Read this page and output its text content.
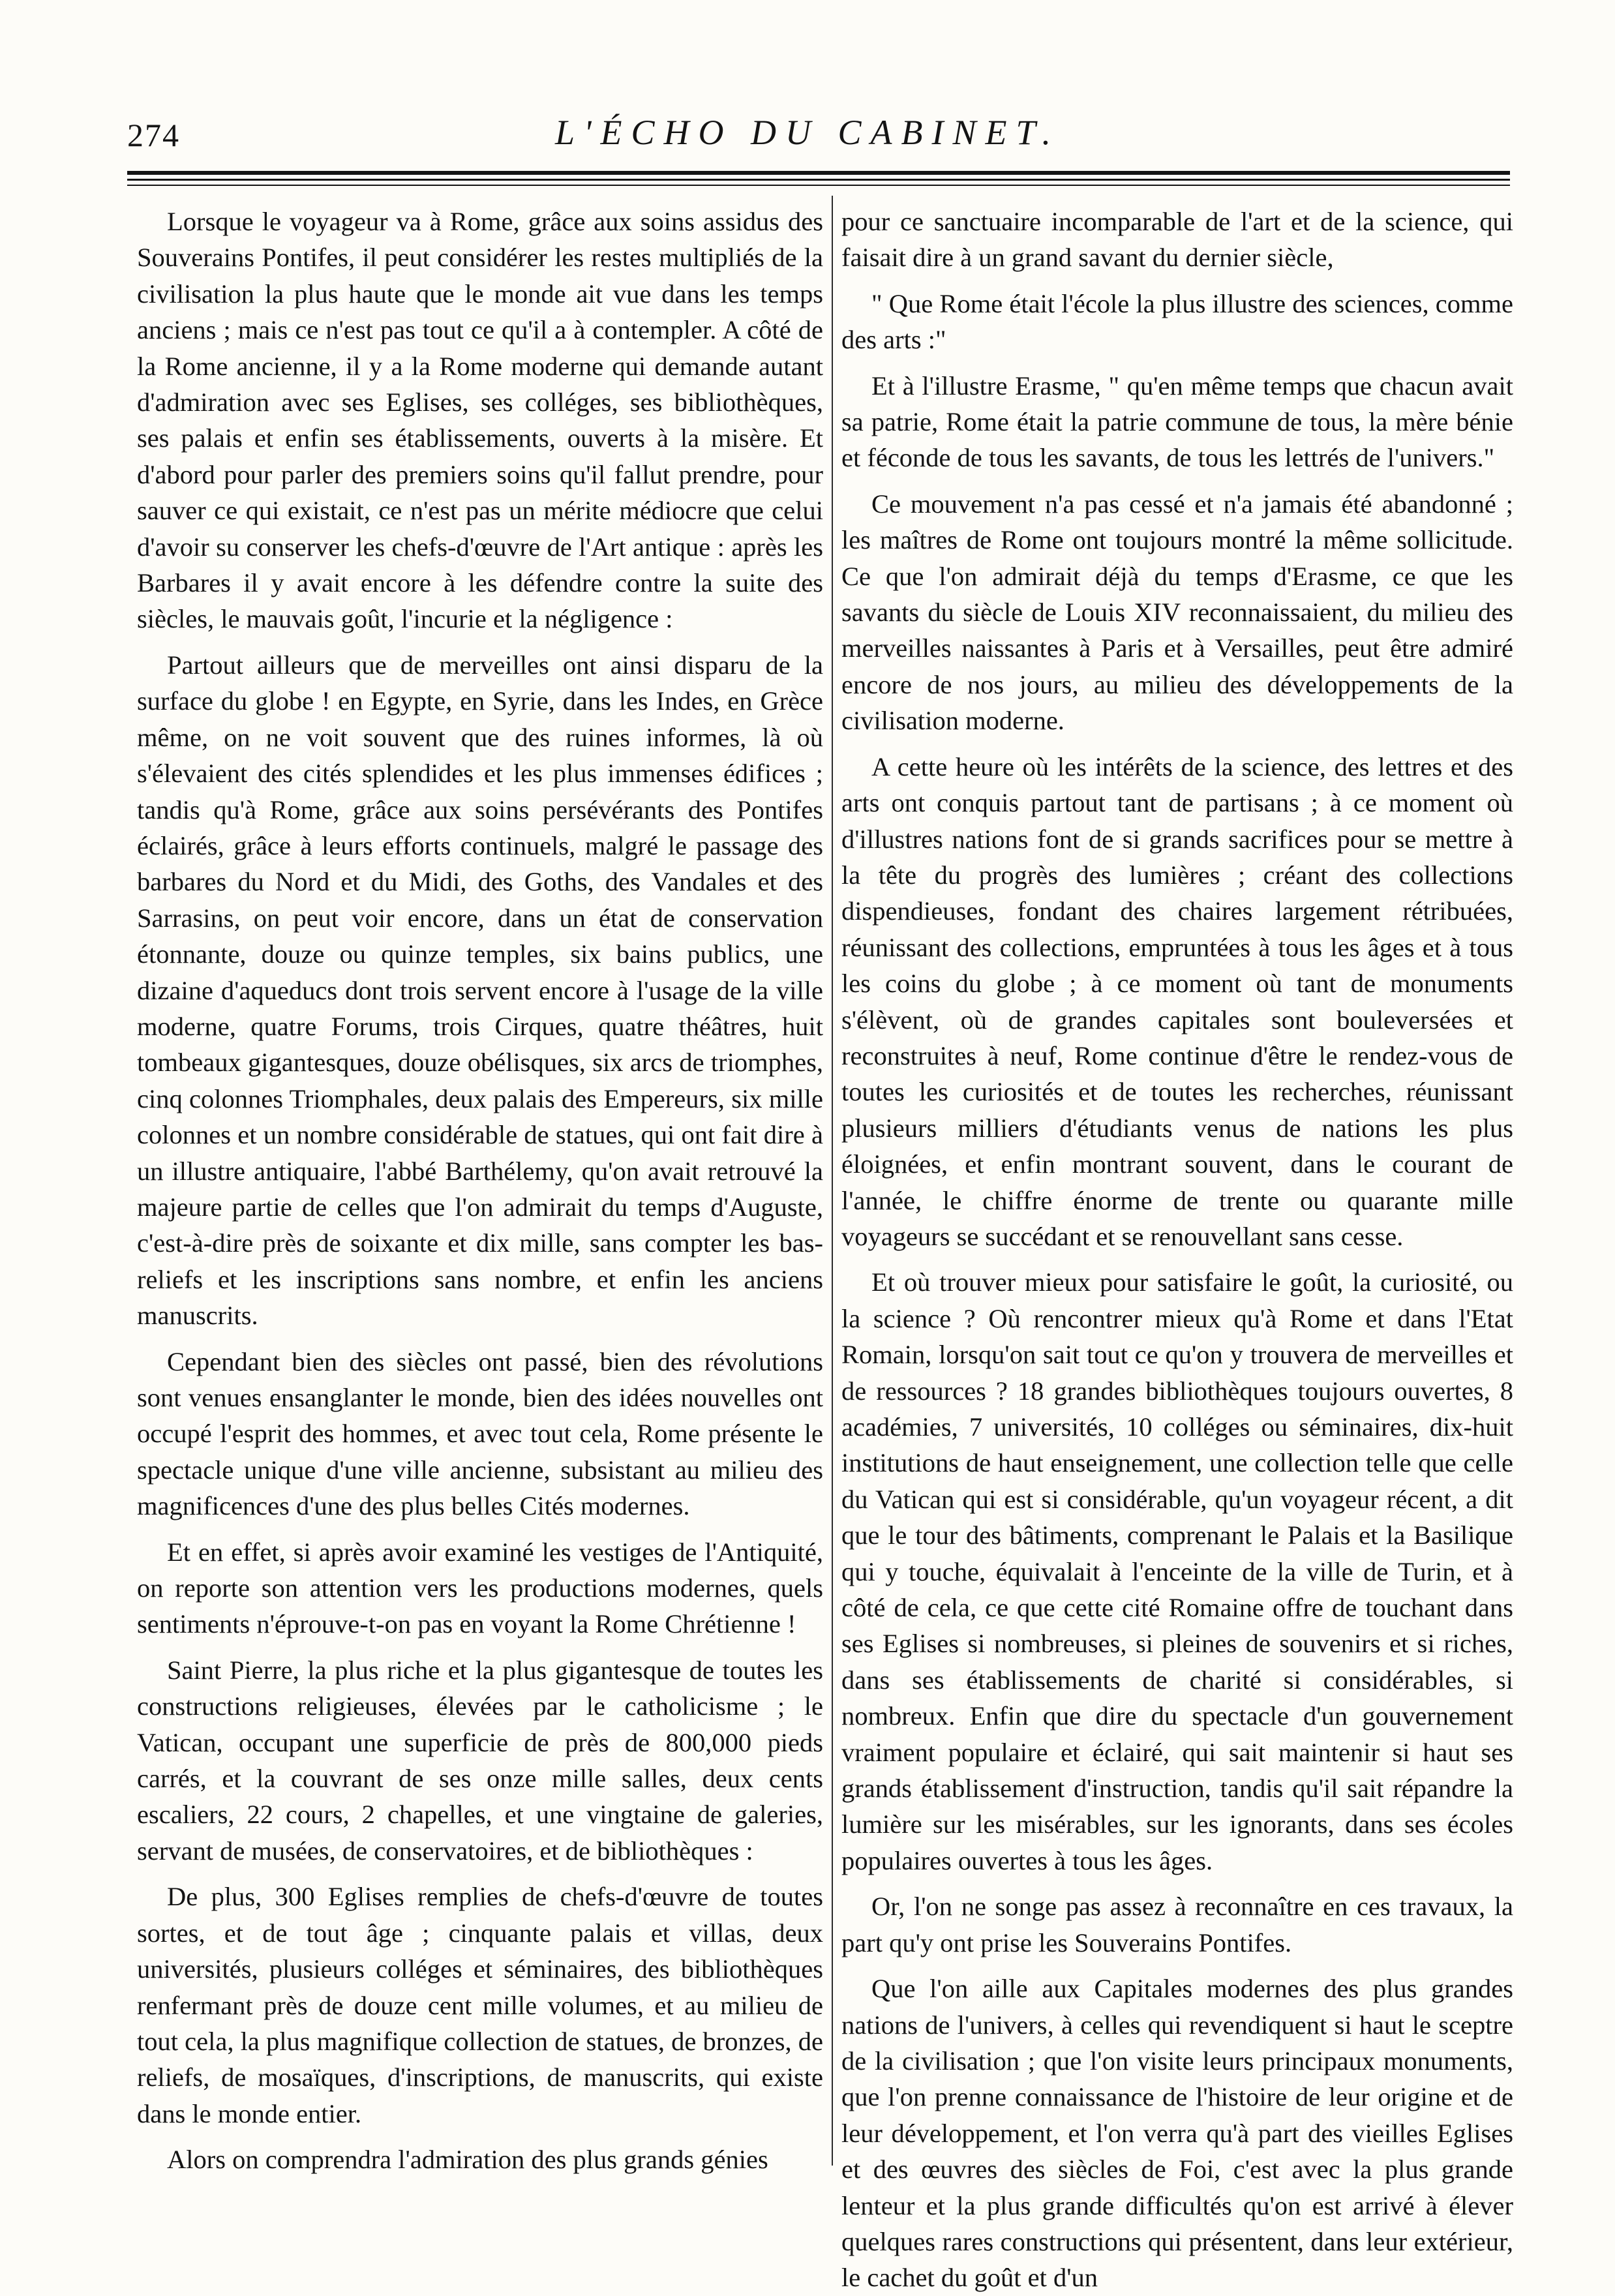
274	L'ÉCHO DU CABINET.

Lorsque le voyageur va à Rome, grâce aux soins assidus des Souverains Pontifes, il peut considérer les restes multipliés de la civilisation la plus haute que le monde ait vue dans les temps anciens ; mais ce n'est pas tout ce qu'il a à contempler. A côté de la Rome ancienne, il y a la Rome moderne qui demande autant d'admiration avec ses Eglises, ses colléges, ses bibliothèques, ses palais et enfin ses établissements, ouverts à la misère. Et d'abord pour parler des premiers soins qu'il fallut prendre, pour sauver ce qui existait, ce n'est pas un mérite médiocre que celui d'avoir su conserver les chefs-d'œuvre de l'Art antique : après les Barbares il y avait encore à les défendre contre la suite des siècles, le mauvais goût, l'incurie et la négligence :

Partout ailleurs que de merveilles ont ainsi disparu de la surface du globe ! en Egypte, en Syrie, dans les Indes, en Grèce même, on ne voit souvent que des ruines informes, là où s'élevaient des cités splendides et les plus immenses édifices ; tandis qu'à Rome, grâce aux soins persévérants des Pontifes éclairés, grâce à leurs efforts continuels, malgré le passage des barbares du Nord et du Midi, des Goths, des Vandales et des Sarrasins, on peut voir encore, dans un état de conservation étonnante, douze ou quinze temples, six bains publics, une dizaine d'aqueducs dont trois servent encore à l'usage de la ville moderne, quatre Forums, trois Cirques, quatre théâtres, huit tombeaux gigantesques, douze obélisques, six arcs de triomphes, cinq colonnes Triomphales, deux palais des Empereurs, six mille colonnes et un nombre considérable de statues, qui ont fait dire à un illustre antiquaire, l'abbé Barthélemy, qu'on avait retrouvé la majeure partie de celles que l'on admirait du temps d'Auguste, c'est-à-dire près de soixante et dix mille, sans compter les bas-reliefs et les inscriptions sans nombre, et enfin les anciens manuscrits.

Cependant bien des siècles ont passé, bien des révolutions sont venues ensanglanter le monde, bien des idées nouvelles ont occupé l'esprit des hommes, et avec tout cela, Rome présente le spectacle unique d'une ville ancienne, subsistant au milieu des magnificences d'une des plus belles Cités modernes.

Et en effet, si après avoir examiné les vestiges de l'Antiquité, on reporte son attention vers les productions modernes, quels sentiments n'éprouve-t-on pas en voyant la Rome Chrétienne !

Saint Pierre, la plus riche et la plus gigantesque de toutes les constructions religieuses, élevées par le catholicisme ; le Vatican, occupant une superficie de près de 800,000 pieds carrés, et la couvrant de ses onze mille salles, deux cents escaliers, 22 cours, 2 chapelles, et une vingtaine de galeries, servant de musées, de conservatoires, et de bibliothèques :

De plus, 300 Eglises remplies de chefs-d'œuvre de toutes sortes, et de tout âge ; cinquante palais et villas, deux universités, plusieurs colléges et séminaires, des bibliothèques renfermant près de douze cent mille volumes, et au milieu de tout cela, la plus magnifique collection de statues, de bronzes, de reliefs, de mosaïques, d'inscriptions, de manuscrits, qui existe dans le monde entier.

Alors on comprendra l'admiration des plus grands génies

pour ce sanctuaire incomparable de l'art et de la science, qui faisait dire à un grand savant du dernier siècle,

" Que Rome était l'école la plus illustre des sciences, comme des arts :"

Et à l'illustre Erasme, " qu'en même temps que chacun avait sa patrie, Rome était la patrie commune de tous, la mère bénie et féconde de tous les savants, de tous les lettrés de l'univers."

Ce mouvement n'a pas cessé et n'a jamais été abandonné ; les maîtres de Rome ont toujours montré la même sollicitude. Ce que l'on admirait déjà du temps d'Erasme, ce que les savants du siècle de Louis XIV reconnaissaient, du milieu des merveilles naissantes à Paris et à Versailles, peut être admiré encore de nos jours, au milieu des développements de la civilisation moderne.

A cette heure où les intérêts de la science, des lettres et des arts ont conquis partout tant de partisans ; à ce moment où d'illustres nations font de si grands sacrifices pour se mettre à la tête du progrès des lumières ; créant des collections dispendieuses, fondant des chaires largement rétribuées, réunissant des collections, empruntées à tous les âges et à tous les coins du globe ; à ce moment où tant de monuments s'élèvent, où de grandes capitales sont bouleversées et reconstruites à neuf, Rome continue d'être le rendez-vous de toutes les curiosités et de toutes les recherches, réunissant plusieurs milliers d'étudiants venus de nations les plus éloignées, et enfin montrant souvent, dans le courant de l'année, le chiffre énorme de trente ou quarante mille voyageurs se succédant et se renouvellant sans cesse.

Et où trouver mieux pour satisfaire le goût, la curiosité, ou la science ? Où rencontrer mieux qu'à Rome et dans l'Etat Romain, lorsqu'on sait tout ce qu'on y trouvera de merveilles et de ressources ? 18 grandes bibliothèques toujours ouvertes, 8 académies, 7 universités, 10 colléges ou séminaires, dix-huit institutions de haut enseignement, une collection telle que celle du Vatican qui est si considérable, qu'un voyageur récent, a dit que le tour des bâtiments, comprenant le Palais et la Basilique qui y touche, équivalait à l'enceinte de la ville de Turin, et à côté de cela, ce que cette cité Romaine offre de touchant dans ses Eglises si nombreuses, si pleines de souvenirs et si riches, dans ses établissements de charité si considérables, si nombreux. Enfin que dire du spectacle d'un gouvernement vraiment populaire et éclairé, qui sait maintenir si haut ses grands établissement d'instruction, tandis qu'il sait répandre la lumière sur les misérables, sur les ignorants, dans ses écoles populaires ouvertes à tous les âges.

Or, l'on ne songe pas assez à reconnaître en ces travaux, la part qu'y ont prise les Souverains Pontifes.

Que l'on aille aux Capitales modernes des plus grandes nations de l'univers, à celles qui revendiquent si haut le sceptre de la civilisation ; que l'on visite leurs principaux monuments, que l'on prenne connaissance de l'histoire de leur origine et de leur développement, et l'on verra qu'à part des vieilles Eglises et des œuvres des siècles de Foi, c'est avec la plus grande lenteur et la plus grande difficultés qu'on est arrivé à élever quelques rares constructions qui présentent, dans leur extérieur, le cachet du goût et d'un
